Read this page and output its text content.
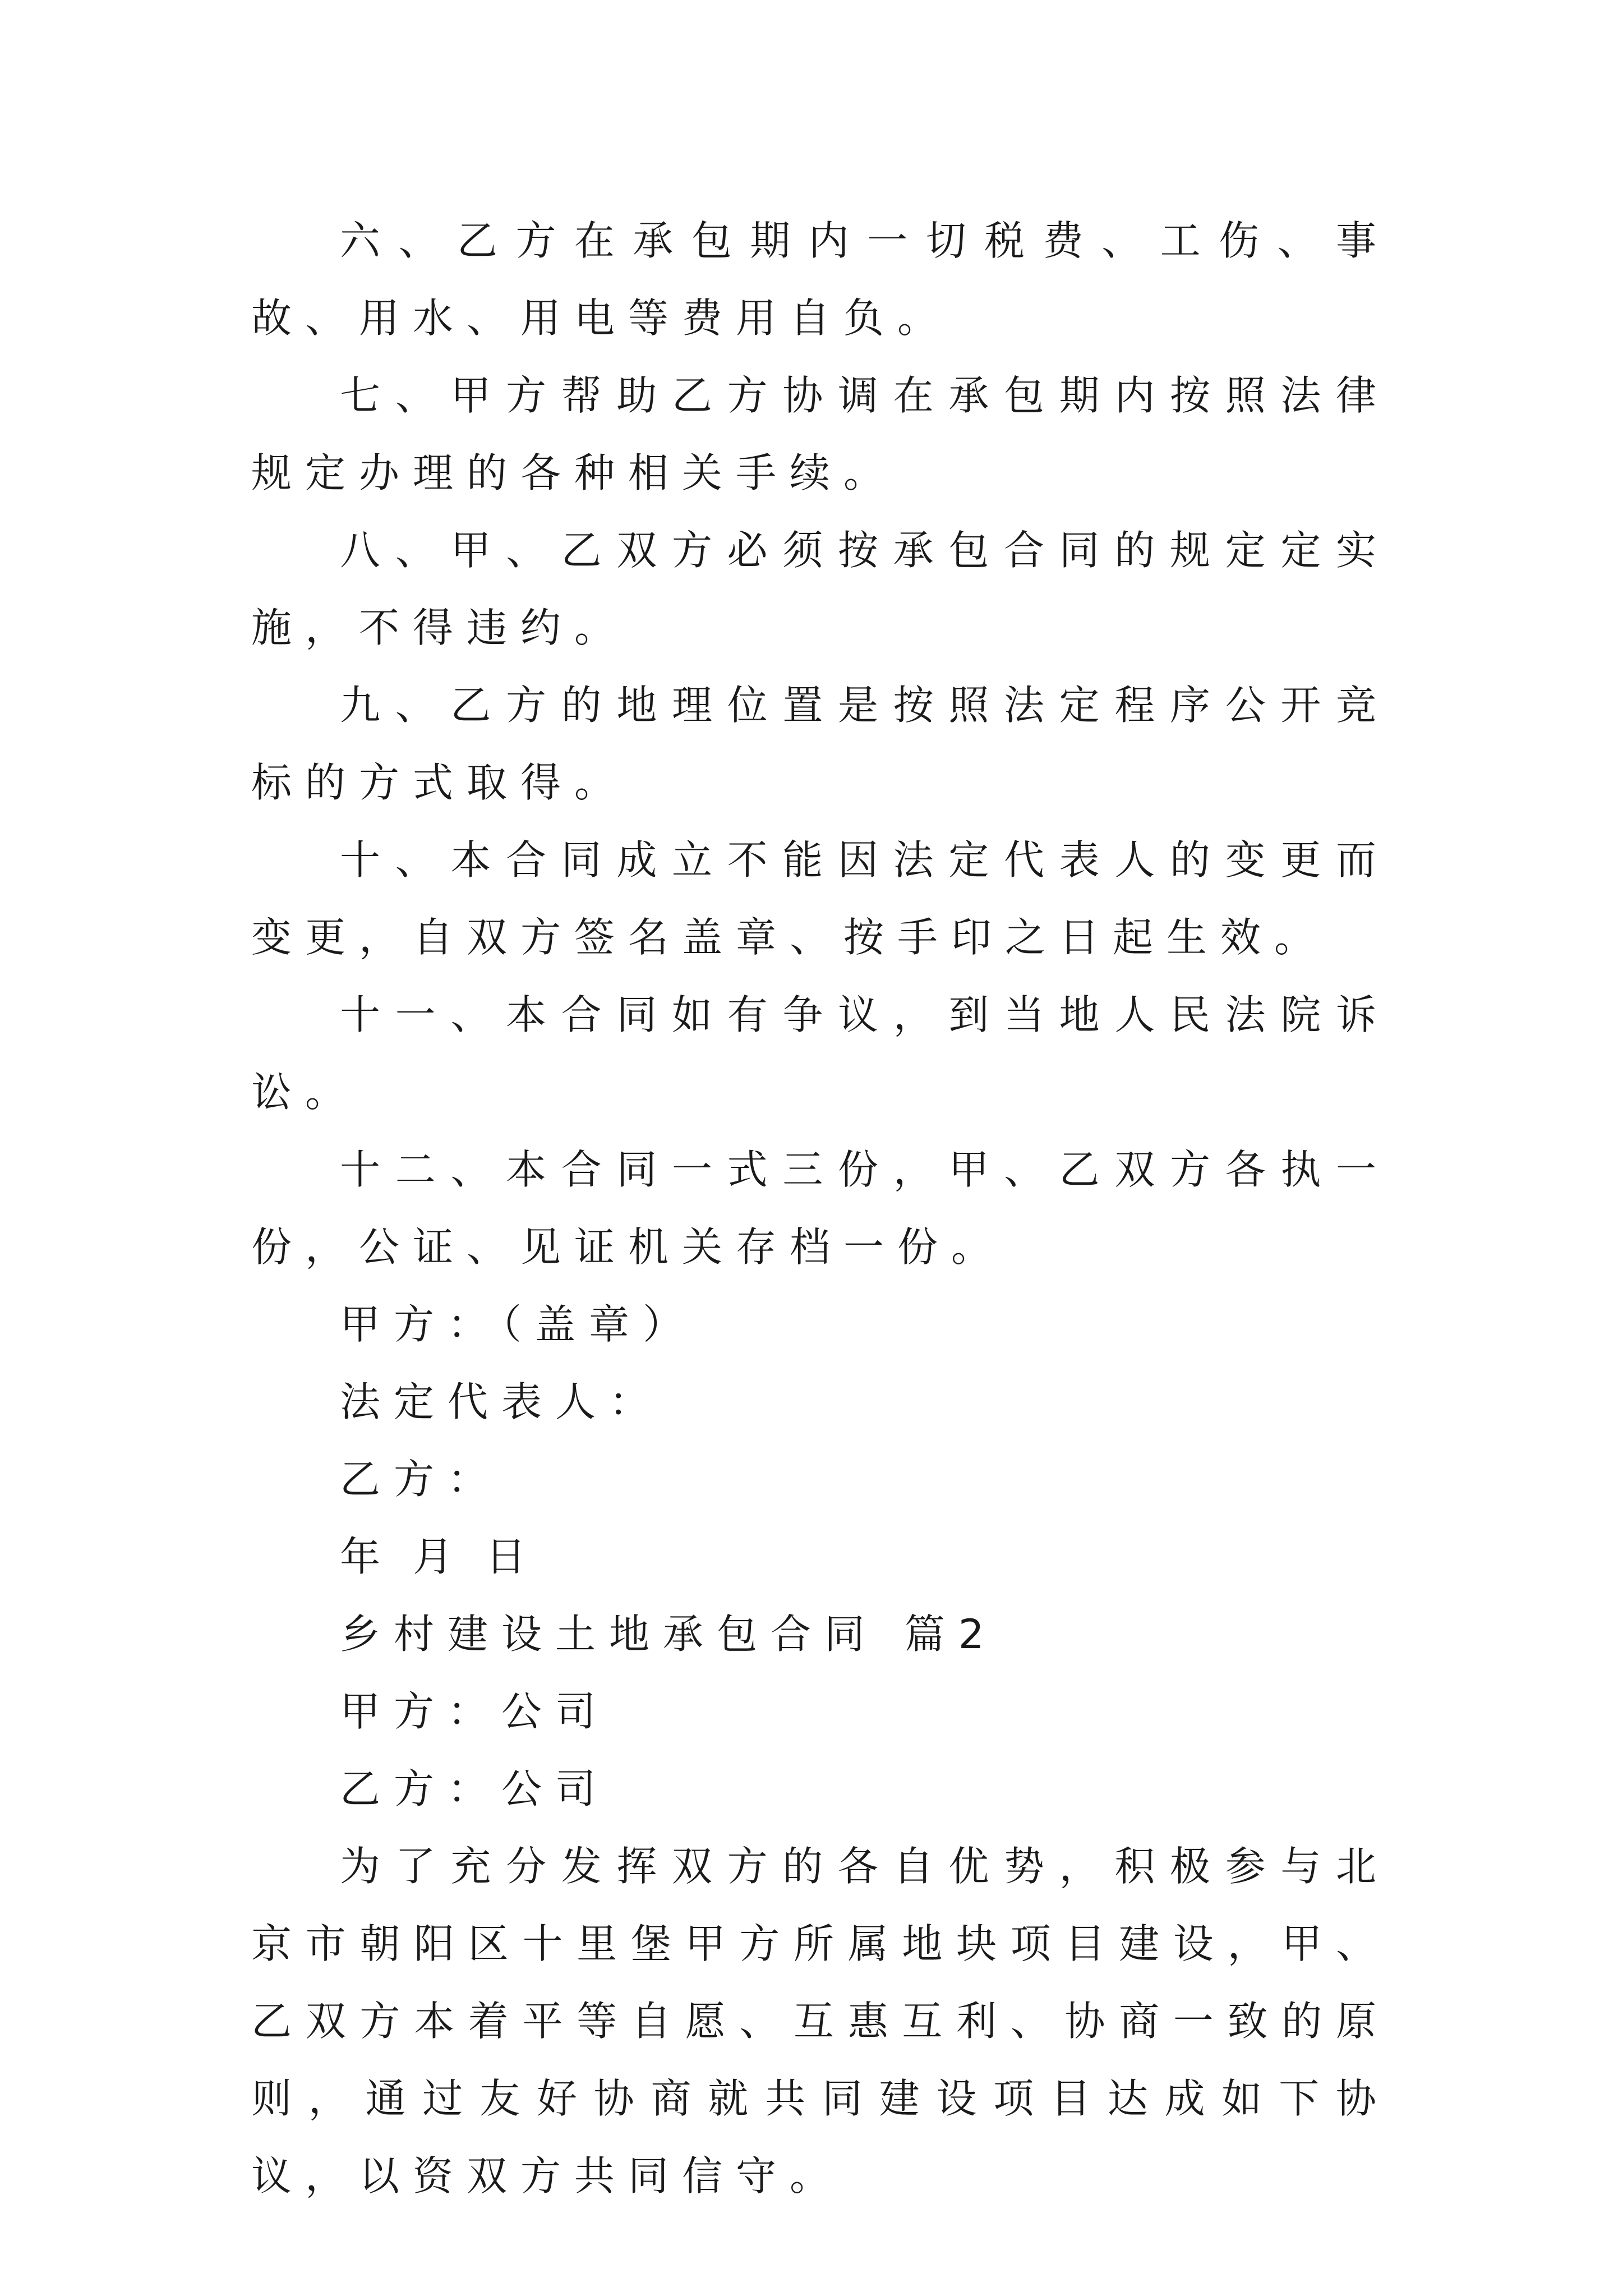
六、乙方在承包期内一切税费、工伤、事故、用水、用电等费用自负。

七、甲方帮助乙方协调在承包期内按照法律规定办理的各种相关手续。

八、甲、乙双方必须按承包合同的规定定实施，不得违约。

九、乙方的地理位置是按照法定程序公开竞标的方式取得。

十、本合同成立不能因法定代表人的变更而变更，自双方签名盖章、按手印之日起生效。

十一、本合同如有争议，到当地人民法院诉讼。

十二、本合同一式三份，甲、乙双方各执一份，公证、见证机关存档一份。

甲方：（盖章）

法定代表人：

乙方：

年 月 日

乡村建设土地承包合同 篇2

甲方：公司

乙方：公司

为了充分发挥双方的各自优势，积极参与北京市朝阳区十里堡甲方所属地块项目建设，甲、乙双方本着平等自愿、互惠互利、协商一致的原则，通过友好协商就共同建设项目达成如下协议，以资双方共同信守。
